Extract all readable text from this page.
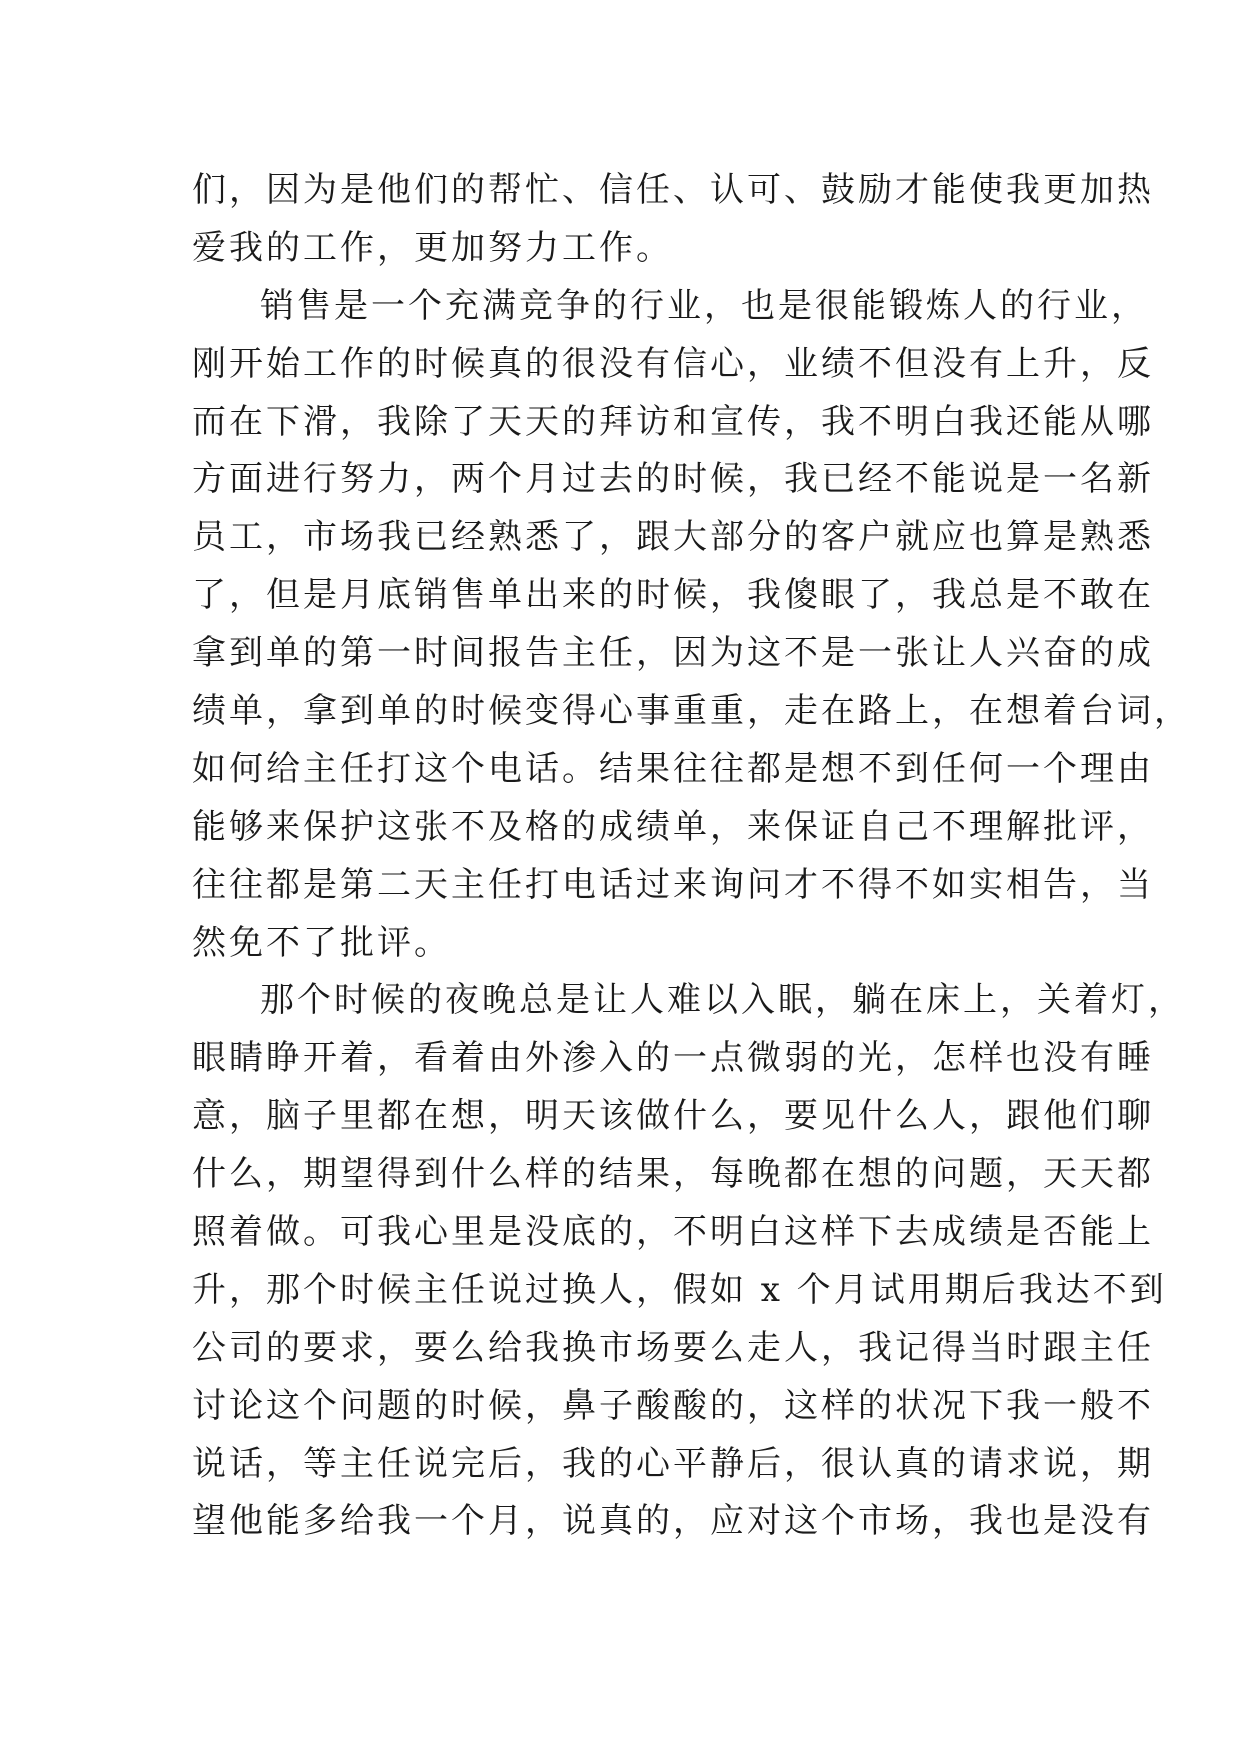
们，因为是他们的帮忙、信任、认可、鼓励才能使我更加热
爱我的工作，更加努力工作。
销售是一个充满竞争的行业，也是很能锻炼人的行业，
刚开始工作的时候真的很没有信心，业绩不但没有上升，反
而在下滑，我除了天天的拜访和宣传，我不明白我还能从哪
方面进行努力，两个月过去的时候，我已经不能说是一名新
员工，市场我已经熟悉了，跟大部分的客户就应也算是熟悉
了，但是月底销售单出来的时候，我傻眼了，我总是不敢在
拿到单的第一时间报告主任，因为这不是一张让人兴奋的成
绩单，拿到单的时候变得心事重重，走在路上，在想着台词，
如何给主任打这个电话。结果往往都是想不到任何一个理由
能够来保护这张不及格的成绩单，来保证自己不理解批评，
往往都是第二天主任打电话过来询问才不得不如实相告，当
然免不了批评。
那个时候的夜晚总是让人难以入眠，躺在床上，关着灯，
眼睛睁开着，看着由外渗入的一点微弱的光，怎样也没有睡
意，脑子里都在想，明天该做什么，要见什么人，跟他们聊
什么，期望得到什么样的结果，每晚都在想的问题，天天都
照着做。可我心里是没底的，不明白这样下去成绩是否能上
升，那个时候主任说过换人，假如 x 个月试用期后我达不到
公司的要求，要么给我换市场要么走人，我记得当时跟主任
讨论这个问题的时候，鼻子酸酸的，这样的状况下我一般不
说话，等主任说完后，我的心平静后，很认真的请求说，期
望他能多给我一个月，说真的，应对这个市场，我也是没有
